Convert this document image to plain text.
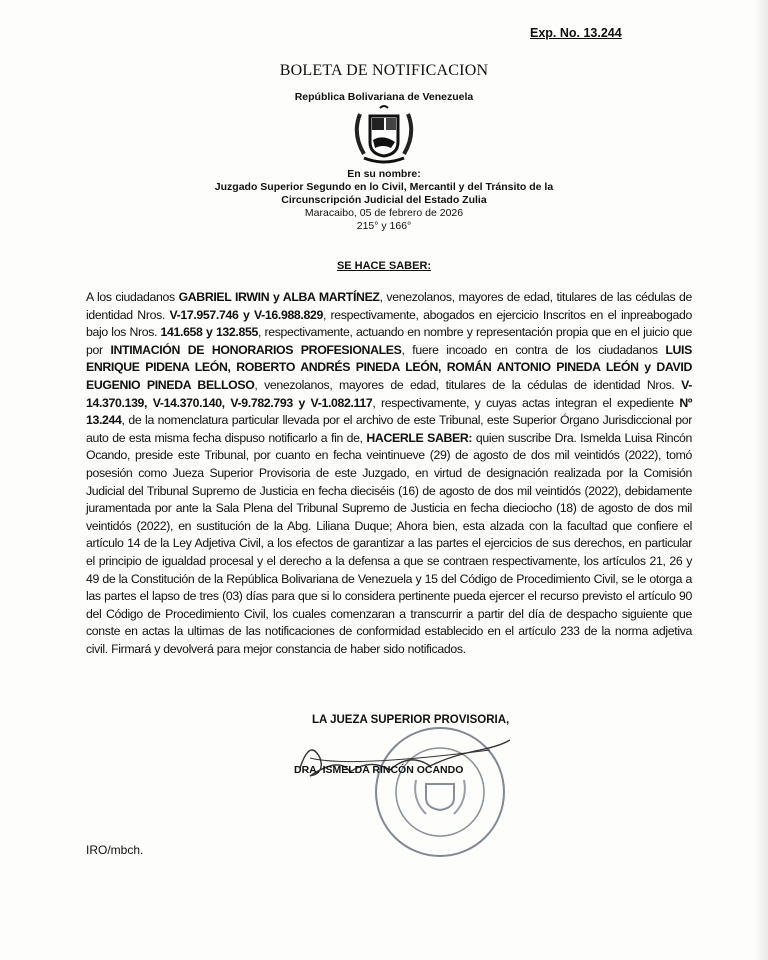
Exp. No. 13.244
BOLETA DE NOTIFICACION
República Bolivariana de Venezuela
En su nombre:
Juzgado Superior Segundo en lo Civil, Mercantil y del Tránsito de la
Circunscripción Judicial del Estado Zulia
Maracaibo, 05 de febrero de 2026
215° y 166°
SE HACE SABER:
A los ciudadanos GABRIEL IRWIN y ALBA MARTÍNEZ, venezolanos, mayores de edad, titulares de las cédulas de identidad Nros. V-17.957.746 y V-16.988.829, respectivamente, abogados en ejercicio Inscritos en el inpreabogado bajo los Nros. 141.658 y 132.855, respectivamente, actuando en nombre y representación propia que en el juicio que por INTIMACIÓN DE HONORARIOS PROFESIONALES, fuere incoado en contra de los ciudadanos LUIS ENRIQUE PIDENA LEÓN, ROBERTO ANDRÉS PINEDA LEÓN, ROMÁN ANTONIO PINEDA LEÓN y DAVID EUGENIO PINEDA BELLOSO, venezolanos, mayores de edad, titulares de la cédulas de identidad Nros. V-14.370.139, V-14.370.140, V-9.782.793 y V-1.082.117, respectivamente, y cuyas actas integran el expediente Nº 13.244, de la nomenclatura particular llevada por el archivo de este Tribunal, este Superior Órgano Jurisdiccional por auto de esta misma fecha dispuso notificarlo a fin de, HACERLE SABER: quien suscribe Dra. Ismelda Luisa Rincón Ocando, preside este Tribunal, por cuanto en fecha veintinueve (29) de agosto de dos mil veintidós (2022), tomó posesión como Jueza Superior Provisoria de este Juzgado, en virtud de designación realizada por la Comisión Judicial del Tribunal Supremo de Justicia en fecha dieciséis (16) de agosto de dos mil veintidós (2022), debidamente juramentada por ante la Sala Plena del Tribunal Supremo de Justicia en fecha dieciocho (18) de agosto de dos mil veintidós (2022), en sustitución de la Abg. Liliana Duque; Ahora bien, esta alzada con la facultad que confiere el artículo 14 de la Ley Adjetiva Civil, a los efectos de garantizar a las partes el ejercicios de sus derechos, en particular el principio de igualdad procesal y el derecho a la defensa a que se contraen respectivamente, los artículos 21, 26 y 49 de la Constitución de la República Bolivariana de Venezuela y 15 del Código de Procedimiento Civil, se le otorga a las partes el lapso de tres (03) días para que si lo considera pertinente pueda ejercer el recurso previsto el artículo 90 del Código de Procedimiento Civil, los cuales comenzaran a transcurrir a partir del día de despacho siguiente que conste en actas la ultimas de las notificaciones de conformidad establecido en el artículo 233 de la norma adjetiva civil. Firmará y devolverá para mejor constancia de haber sido notificados.
LA JUEZA SUPERIOR PROVISORIA,
DRA. ISMELDA RINCÓN OCANDO
IRO/mbch.
